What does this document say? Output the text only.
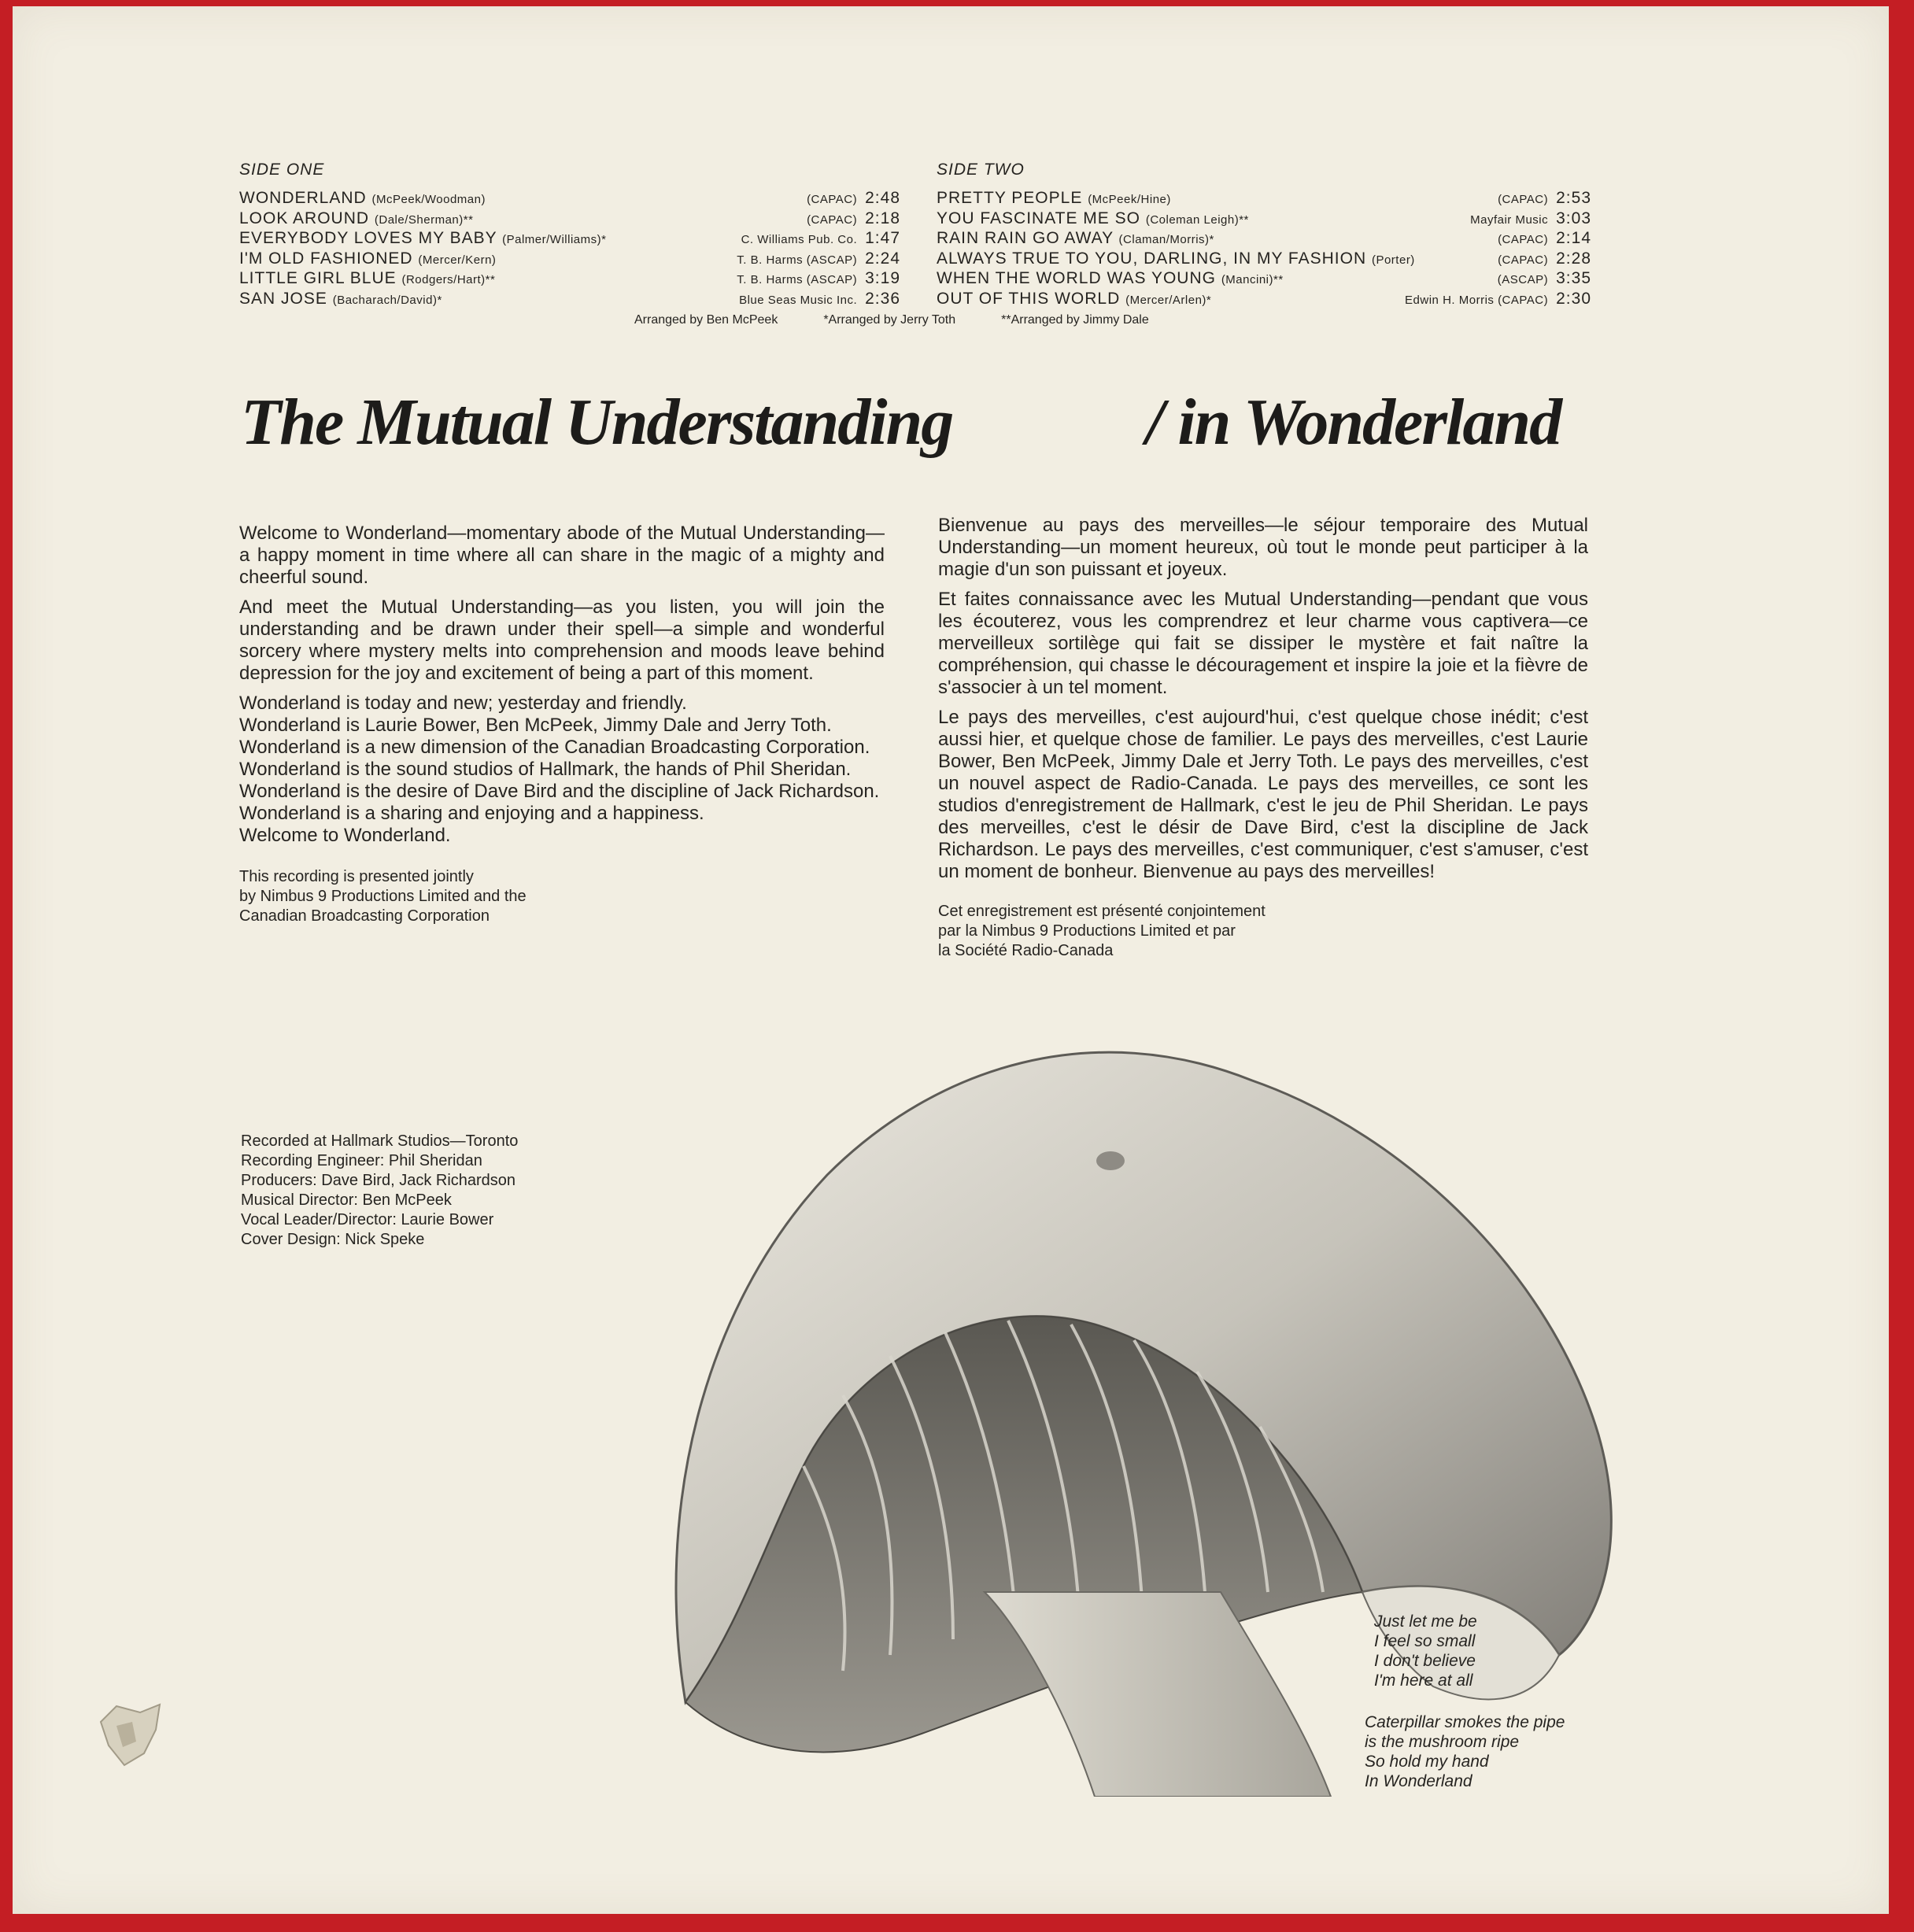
SIDE ONE
WONDERLAND (McPeek/Woodman)	(CAPAC) 2:48
LOOK AROUND (Dale/Sherman)**	(CAPAC) 2:18
EVERYBODY LOVES MY BABY (Palmer/Williams)*	C. Williams Pub. Co. 1:47
I'M OLD FASHIONED (Mercer/Kern)	T. B. Harms (ASCAP) 2:24
LITTLE GIRL BLUE (Rodgers/Hart)**	T. B. Harms (ASCAP) 3:19
SAN JOSE (Bacharach/David)*	Blue Seas Music Inc. 2:36
SIDE TWO
PRETTY PEOPLE (McPeek/Hine)	(CAPAC) 2:53
YOU FASCINATE ME SO (Coleman Leigh)**	Mayfair Music 3:03
RAIN RAIN GO AWAY (Claman/Morris)*	(CAPAC) 2:14
ALWAYS TRUE TO YOU, DARLING, IN MY FASHION (Porter)	(CAPAC) 2:28
WHEN THE WORLD WAS YOUNG (Mancini)**	(ASCAP) 3:35
OUT OF THIS WORLD (Mercer/Arlen)*	Edwin H. Morris (CAPAC) 2:30
Arranged by Ben McPeek	*Arranged by Jerry Toth	**Arranged by Jimmy Dale
The Mutual Understanding	/ in Wonderland

Welcome to Wonderland—momentary abode of the Mutual Understanding—a happy moment in time where all can share in the magic of a mighty and cheerful sound.

And meet the Mutual Understanding—as you listen, you will join the understanding and be drawn under their spell—a simple and wonderful sorcery where mystery melts into comprehension and moods leave behind depression for the joy and excitement of being a part of this moment.

Wonderland is today and new; yesterday and friendly.

Wonderland is Laurie Bower, Ben McPeek, Jimmy Dale and Jerry Toth.

Wonderland is a new dimension of the Canadian Broadcasting Corporation.

Wonderland is the sound studios of Hallmark, the hands of Phil Sheridan.

Wonderland is the desire of Dave Bird and the discipline of Jack Richardson.

Wonderland is a sharing and enjoying and a happiness.

Welcome to Wonderland.

This recording is presented jointly

by Nimbus 9 Productions Limited and the

Canadian Broadcasting Corporation

Bienvenue au pays des merveilles—le séjour temporaire des Mutual Understanding—un moment heureux, où tout le monde peut participer à la magie d'un son puissant et joyeux.

Et faites connaissance avec les Mutual Understanding—pendant que vous les écouterez, vous les comprendrez et leur charme vous captivera—ce merveilleux sortilège qui fait se dissiper le mystère et fait naître la compréhension, qui chasse le découragement et inspire la joie et la fièvre de s'associer à un tel moment.

Le pays des merveilles, c'est aujourd'hui, c'est quelque chose inédit; c'est aussi hier, et quelque chose de familier. Le pays des merveilles, c'est Laurie Bower, Ben McPeek, Jimmy Dale et Jerry Toth. Le pays des merveilles, c'est un nouvel aspect de Radio-Canada. Le pays des merveilles, ce sont les studios d'enregistrement de Hallmark, c'est le jeu de Phil Sheridan. Le pays des merveilles, c'est le désir de Dave Bird, c'est la discipline de Jack Richardson. Le pays des merveilles, c'est communiquer, c'est s'amuser, c'est un moment de bonheur. Bienvenue au pays des merveilles!

Cet enregistrement est présenté conjointement

par la Nimbus 9 Productions Limited et par

la Société Radio-Canada

Recorded at Hallmark Studios—Toronto

Recording Engineer: Phil Sheridan

Producers: Dave Bird, Jack Richardson

Musical Director: Ben McPeek

Vocal Leader/Director: Laurie Bower

Cover Design: Nick Speke

Just let me be
I feel so small
I don't believe
I'm here at all

Caterpillar smokes the pipe
is the mushroom ripe
So hold my hand
In Wonderland
